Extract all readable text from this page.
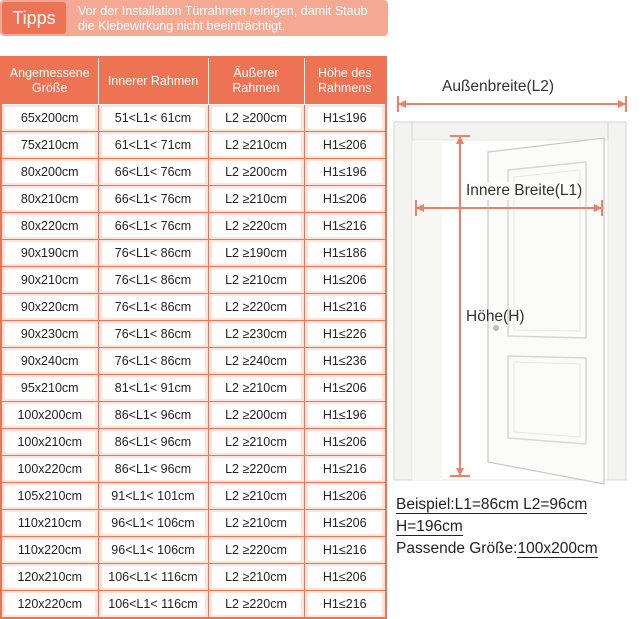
Tipps	Vor der Installation Türrahmen reinigen, damit Staub die Klebewirkung nicht beeinträchtigt.
Angemessene Größe	Innerer Rahmen	Äußerer Rahmen	Höhe des Rahmens

65x200cm	51<L1< 61cm	L2 ≥200cm	H1≤196

75x210cm	61<L1< 71cm	L2 ≥210cm	H1≤206

80x200cm	66<L1< 76cm	L2 ≥200cm	H1≤196

80x210cm	66<L1< 76cm	L2 ≥210cm	H1≤206

80x220cm	66<L1< 76cm	L2 ≥220cm	H1≤216

90x190cm	76<L1< 86cm	L2 ≥190cm	H1≤186

90x210cm	76<L1< 86cm	L2 ≥210cm	H1≤206

90x220cm	76<L1< 86cm	L2 ≥220cm	H1≤216

90x230cm	76<L1< 86cm	L2 ≥230cm	H1≤226

90x240cm	76<L1< 86cm	L2 ≥240cm	H1≤236

95x210cm	81<L1< 91cm	L2 ≥210cm	H1≤206

100x200cm	86<L1< 96cm	L2 ≥200cm	H1≤196

100x210cm	86<L1< 96cm	L2 ≥210cm	H1≤206

100x220cm	86<L1< 96cm	L2 ≥220cm	H1≤216

105x210cm	91<L1< 101cm	L2 ≥210cm	H1≤206

110x210cm	96<L1< 106cm	L2 ≥210cm	H1≤206

110x220cm	96<L1< 106cm	L2 ≥220cm	H1≤216

120x210cm	106<L1< 116cm	L2 ≥210cm	H1≤206

120x220cm	106<L1< 116cm	L2 ≥220cm	H1≤216
Außenbreite(L2)
Innere Breite(L1)
Höhe(H)
Beispiel:L1=86cm L2=96cm
H=196cm
Passende Größe:100x200cm
